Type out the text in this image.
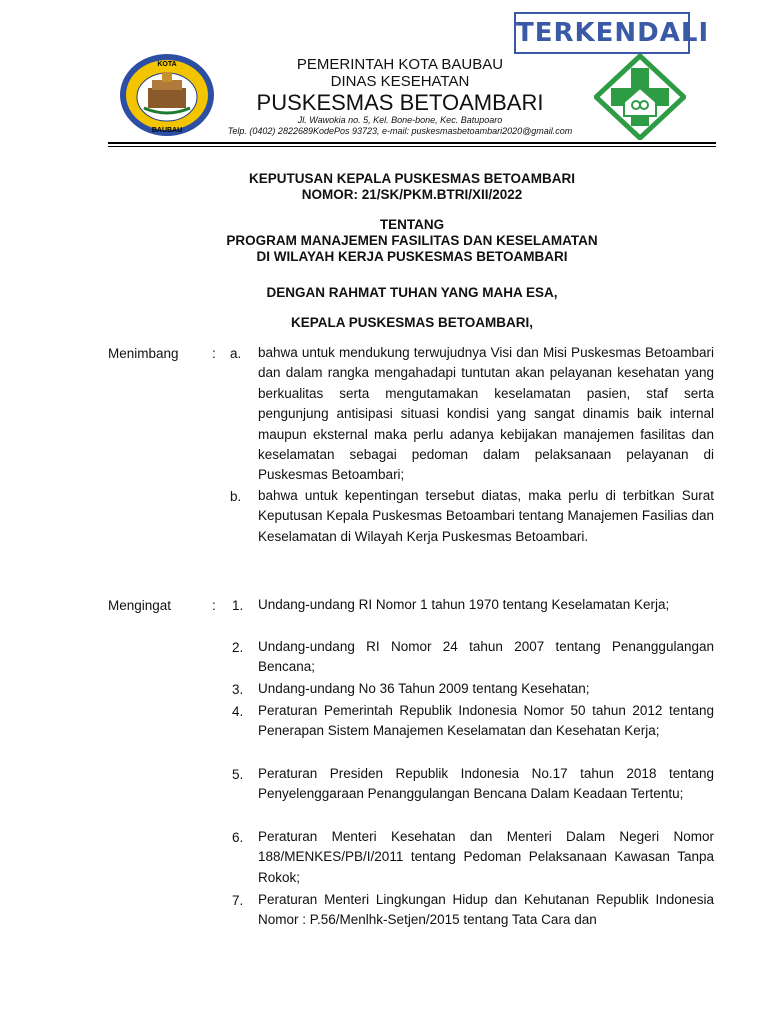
TERKENDALI
KOTA
BAUBAU
PEMERINTAH KOTA BAUBAU
DINAS KESEHATAN
PUSKESMAS BETOAMBARI
Jl. Wawokia no. 5, Kel. Bone-bone, Kec. Batupoaro
Telp. (0402) 2822689KodePos 93723, e-mail: puskesmasbetoambari2020@gmail.com
KEPUTUSAN KEPALA PUSKESMAS BETOAMBARI
NOMOR: 21/SK/PKM.BTRI/XII/2022
TENTANG
PROGRAM MANAJEMEN FASILITAS DAN KESELAMATAN
DI WILAYAH KERJA PUSKESMAS BETOAMBARI
DENGAN RAHMAT TUHAN YANG MAHA ESA,
KEPALA PUSKESMAS BETOAMBARI,
Menimbang : a. bahwa untuk mendukung terwujudnya Visi dan Misi Puskesmas Betoambari dan dalam rangka mengahadapi tuntutan akan pelayanan kesehatan yang berkualitas serta mengutamakan keselamatan pasien, staf serta pengunjung antisipasi situasi kondisi yang sangat dinamis baik internal maupun eksternal maka perlu adanya kebijakan manajemen fasilitas dan keselamatan sebagai pedoman dalam pelaksanaan pelayanan di Puskesmas Betoambari;

b. bahwa untuk kepentingan tersebut diatas, maka perlu di terbitkan Surat Keputusan Kepala Puskesmas Betoambari tentang Manajemen Fasilias dan Keselamatan di Wilayah Kerja Puskesmas Betoambari.

Mengingat	: 1. Undang-undang RI Nomor 1 tahun 1970 tentang Keselamatan Kerja;

2. Undang-undang RI Nomor 24 tahun 2007 tentang Penanggulangan Bencana;

3. Undang-undang No 36 Tahun 2009 tentang Kesehatan;

4. Peraturan Pemerintah Republik Indonesia Nomor 50 tahun 2012 tentang Penerapan Sistem Manajemen Keselamatan dan Kesehatan Kerja;

5. Peraturan Presiden Republik Indonesia No.17 tahun 2018 tentang Penyelenggaraan Penanggulangan Bencana Dalam Keadaan Tertentu;

6. Peraturan Menteri Kesehatan dan Menteri Dalam Negeri Nomor 188/MENKES/PB/I/2011 tentang Pedoman Pelaksanaan Kawasan Tanpa Rokok;

7. Peraturan Menteri Lingkungan Hidup dan Kehutanan Republik Indonesia Nomor : P.56/Menlhk-Setjen/2015 tentang Tata Cara dan
